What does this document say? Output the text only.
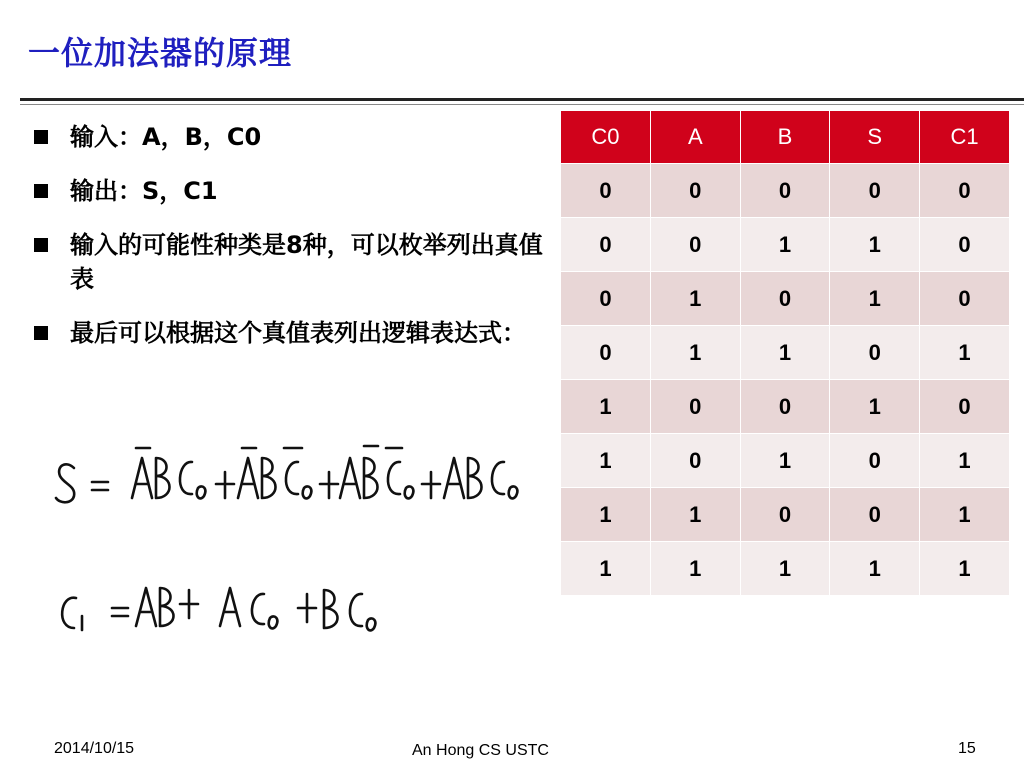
一位加法器的原理
输入：A，B，C0
输出：S，C1
输入的可能性种类是8种，可以枚举列出真值表
最后可以根据这个真值表列出逻辑表达式：
C0	A	B	S	C1
0	0	0	0	0
0	0	1	1	0
0	1	0	1	0
0	1	1	0	1
1	0	0	1	0
1	0	1	0	1
1	1	0	0	1
1	1	1	1	1
2014/10/15	An Hong CS USTC	15
